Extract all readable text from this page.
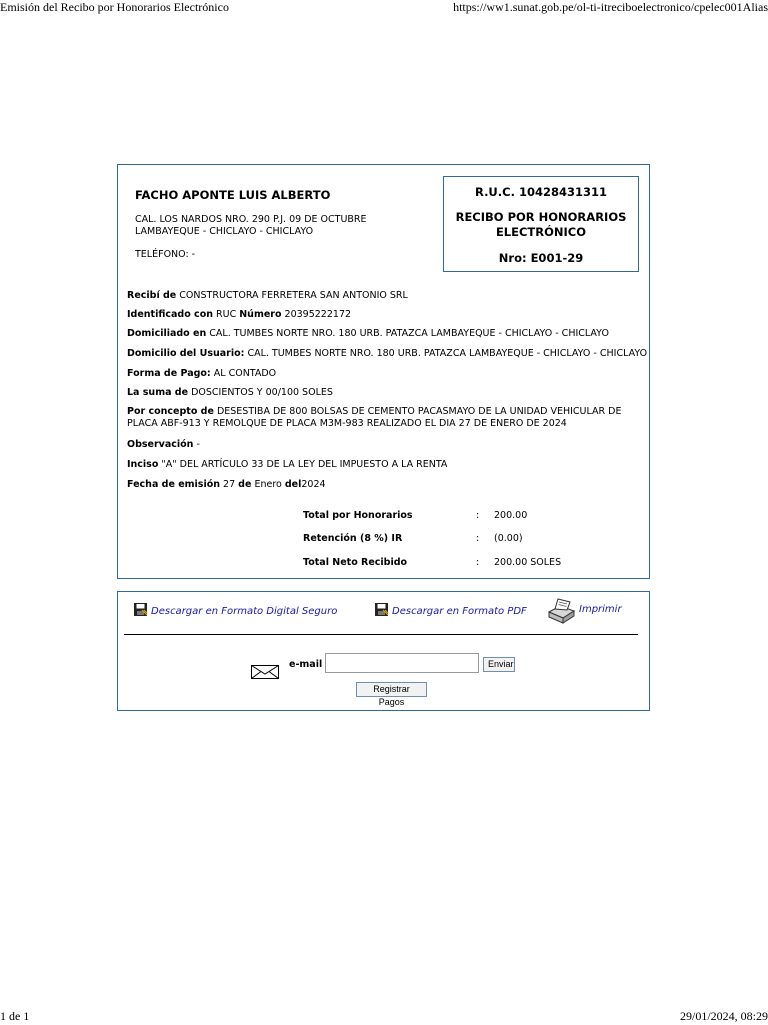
Emisión del Recibo por Honorarios Electrónico	https://ww1.sunat.gob.pe/ol-ti-itreciboelectronico/cpelec001Alias
FACHO APONTE LUIS ALBERTO
CAL. LOS NARDOS NRO. 290 P.J. 09 DE OCTUBRE
LAMBAYEQUE - CHICLAYO - CHICLAYO
TELÉFONO: -
R.U.C. 10428431311
RECIBO POR HONORARIOS
ELECTRÓNICO
Nro: E001-29
Recibí de CONSTRUCTORA FERRETERA SAN ANTONIO SRL
Identificado con RUC Número 20395222172
Domiciliado en CAL. TUMBES NORTE NRO. 180 URB. PATAZCA LAMBAYEQUE - CHICLAYO - CHICLAYO
Domicilio del Usuario: CAL. TUMBES NORTE NRO. 180 URB. PATAZCA LAMBAYEQUE - CHICLAYO - CHICLAYO
Forma de Pago: AL CONTADO
La suma de DOSCIENTOS Y 00/100 SOLES
Por concepto de DESESTIBA DE 800 BOLSAS DE CEMENTO PACASMAYO DE LA UNIDAD VEHICULAR DE PLACA ABF-913 Y REMOLQUE DE PLACA M3M-983 REALIZADO EL DIA 27 DE ENERO DE 2024
Observación -
Inciso "A" DEL ARTÍCULO 33 DE LA LEY DEL IMPUESTO A LA RENTA
Fecha de emisión 27 de Enero del2024
Total por Honorarios	: 200.00
Retención (8 %) IR	: (0.00)
Total Neto Recibido	: 200.00 SOLES
Descargar en Formato Digital Seguro	Descargar en Formato PDF	Imprimir
e-mail	Enviar
Registrar Pagos
1 de 1	29/01/2024, 08:29
